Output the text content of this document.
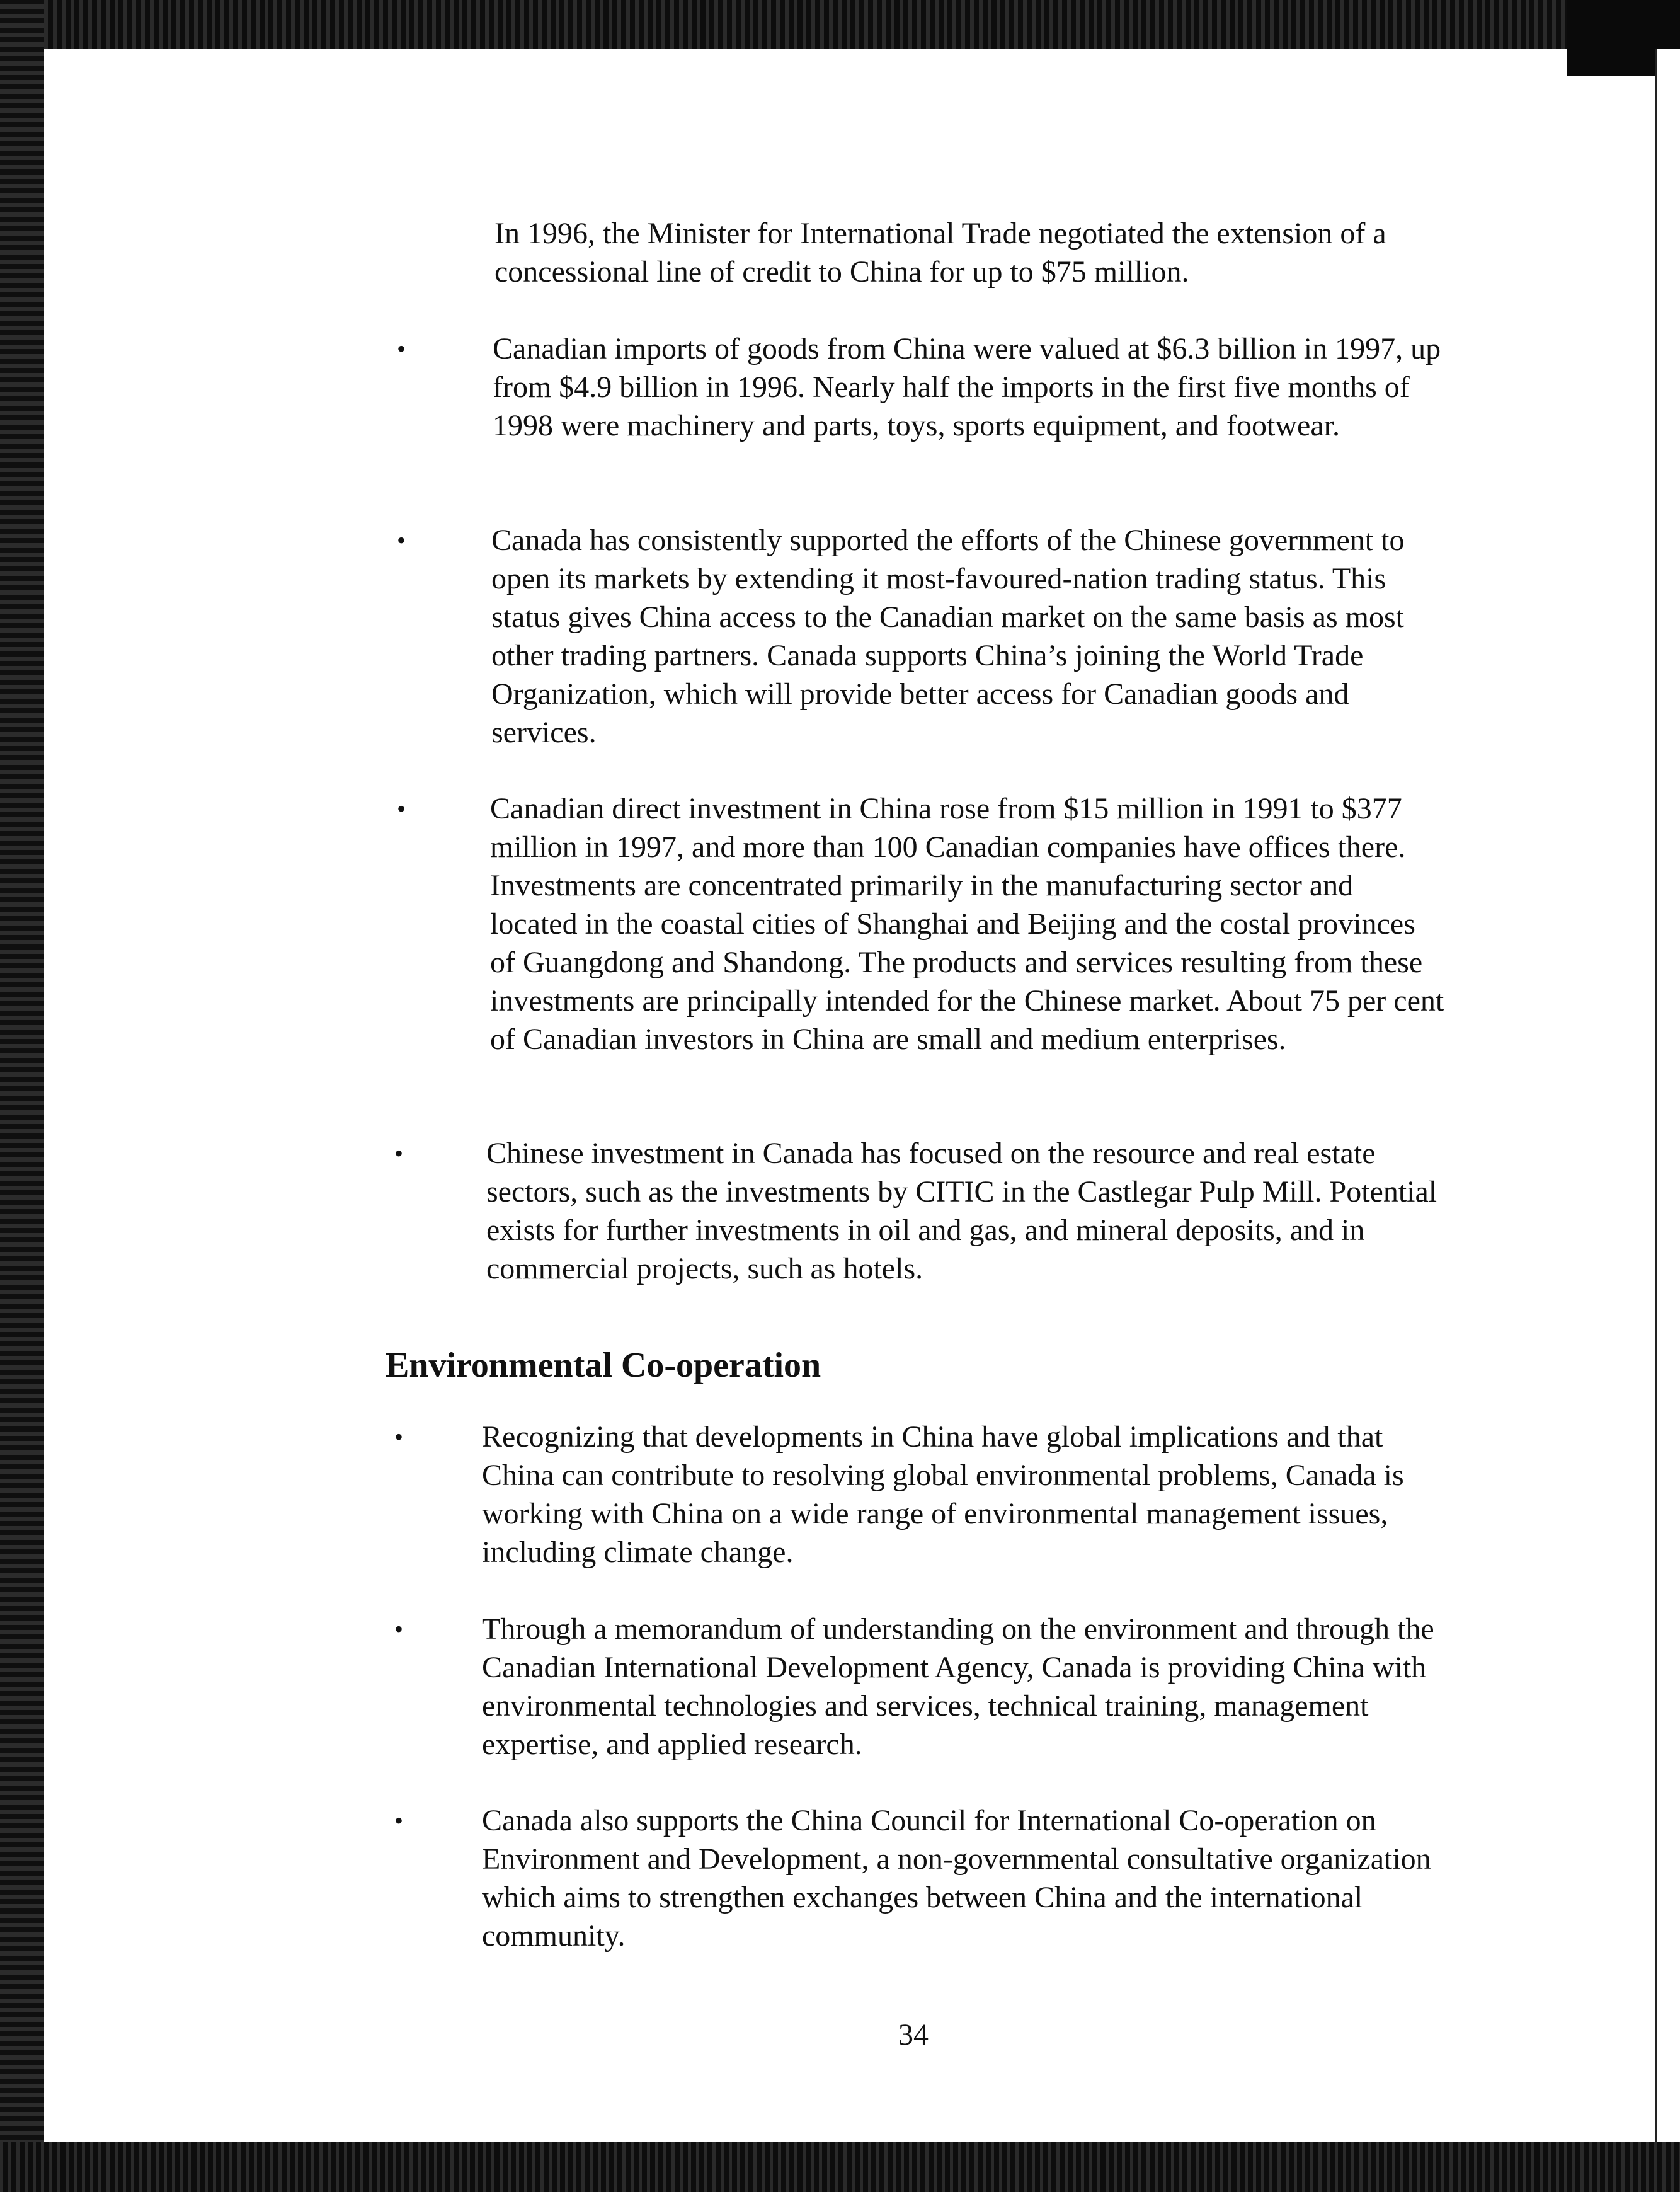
In 1996, the Minister for International Trade negotiated the extension of a concessional line of credit to China for up to $75 million.

•	Canadian imports of goods from China were valued at $6.3 billion in 1997, up from $4.9 billion in 1996. Nearly half the imports in the first five months of 1998 were machinery and parts, toys, sports equipment, and footwear.

•	Canada has consistently supported the efforts of the Chinese government to open its markets by extending it most-favoured-nation trading status. This status gives China access to the Canadian market on the same basis as most other trading partners. Canada supports China’s joining the World Trade Organization, which will provide better access for Canadian goods and services.

•	Canadian direct investment in China rose from $15 million in 1991 to $377 million in 1997, and more than 100 Canadian companies have offices there. Investments are concentrated primarily in the manufacturing sector and located in the coastal cities of Shanghai and Beijing and the costal provinces of Guangdong and Shandong. The products and services resulting from these investments are principally intended for the Chinese market. About 75 per cent of Canadian investors in China are small and medium enterprises.

•	Chinese investment in Canada has focused on the resource and real estate sectors, such as the investments by CITIC in the Castlegar Pulp Mill. Potential exists for further investments in oil and gas, and mineral deposits, and in commercial projects, such as hotels.

Environmental Co-operation
•	Recognizing that developments in China have global implications and that China can contribute to resolving global environmental problems, Canada is working with China on a wide range of environmental management issues, including climate change.

•	Through a memorandum of understanding on the environment and through the Canadian International Development Agency, Canada is providing China with environmental technologies and services, technical training, management expertise, and applied research.

•	Canada also supports the China Council for International Co-operation on Environment and Development, a non-governmental consultative organization which aims to strengthen exchanges between China and the international community.

34
